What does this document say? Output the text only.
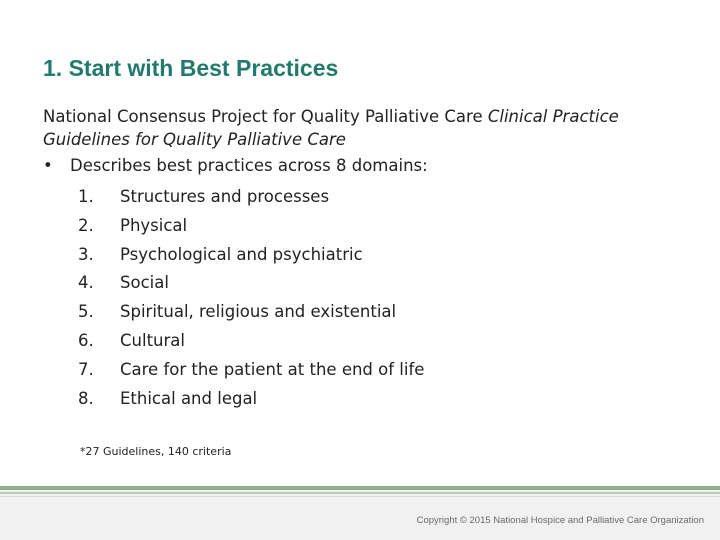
1. Start with Best Practices
National Consensus Project for Quality Palliative Care Clinical Practice
Guidelines for Quality Palliative Care
• Describes best practices across 8 domains:
1.	Structures and processes
2.	Physical
3.	Psychological and psychiatric
4.	Social
5.	Spiritual, religious and existential
6.	Cultural
7.	Care for the patient at the end of life
8.	Ethical and legal
*27 Guidelines, 140 criteria
Copyright © 2015 National Hospice and Palliative Care Organization
